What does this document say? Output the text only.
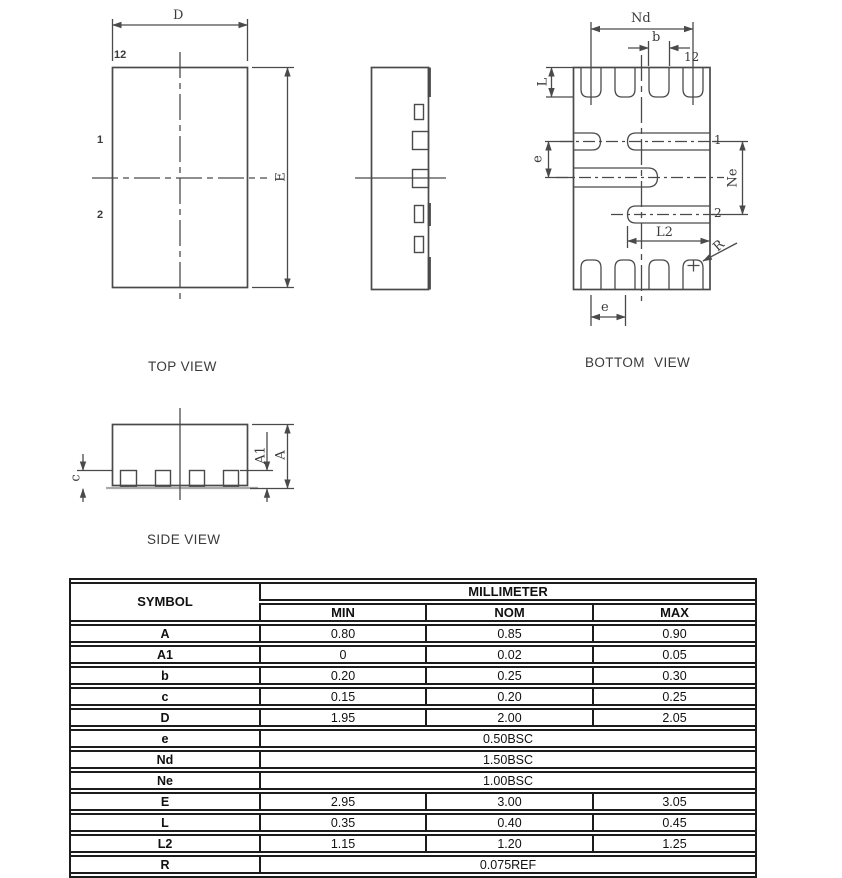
D
E
12
1
2
TOP VIEW
Nd
b
12
L
e
1
Ne
2
L2
R
e
BOTTOM VIEW
c
A1 A
SIDE VIEW
SYMBOL	MILLIMETER		
	MIN	NOM	MAX
A	0.80	0.85	0.90
A1	0	0.02	0.05
b	0.20	0.25	0.30
c	0.15	0.20	0.25
D	1.95	2.00	2.05
e	0.50BSC		
Nd	1.50BSC		
Ne	1.00BSC		
E	2.95	3.00	3.05
L	0.35	0.40	0.45
L2	1.15	1.20	1.25
R	0.075REF		
